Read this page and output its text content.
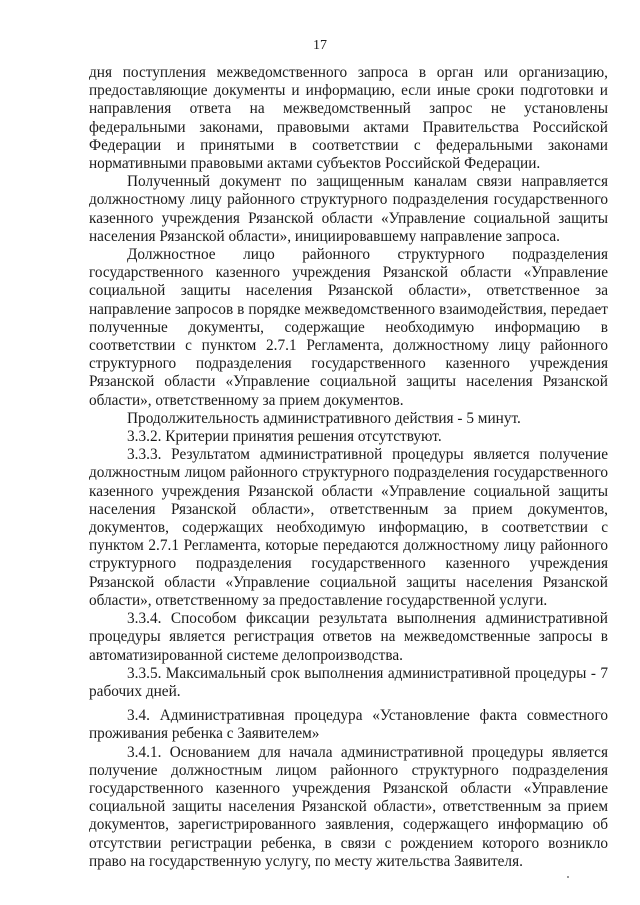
17

дня поступления межведомственного запроса в орган или организацию, предоставляющие документы и информацию, если иные сроки подготовки и направления ответа на межведомственный запрос не установлены федеральными законами, правовыми актами Правительства Российской Федерации и принятыми в соответствии с федеральными законами нормативными правовыми актами субъектов Российской Федерации.

Полученный документ по защищенным каналам связи направляется должностному лицу районного структурного подразделения государственного казенного учреждения Рязанской области «Управление социальной защиты населения Рязанской области», инициировавшему направление запроса.

Должностное лицо районного структурного подразделения государственного казенного учреждения Рязанской области «Управление социальной защиты населения Рязанской области», ответственное за направление запросов в порядке межведомственного взаимодействия, передает полученные документы, содержащие необходимую информацию в соответствии с пунктом 2.7.1 Регламента, должностному лицу районного структурного подразделения государственного казенного учреждения Рязанской области «Управление социальной защиты населения Рязанской области», ответственному за прием документов.

Продолжительность административного действия - 5 минут.

3.3.2. Критерии принятия решения отсутствуют.

3.3.3. Результатом административной процедуры является получение должностным лицом районного структурного подразделения государственного казенного учреждения Рязанской области «Управление социальной защиты населения Рязанской области», ответственным за прием документов, документов, содержащих необходимую информацию, в соответствии с пунктом 2.7.1 Регламента, которые передаются должностному лицу районного структурного подразделения государственного казенного учреждения Рязанской области «Управление социальной защиты населения Рязанской области», ответственному за предоставление государственной услуги.

3.3.4. Способом фиксации результата выполнения административной процедуры является регистрация ответов на межведомственные запросы в автоматизированной системе делопроизводства.

3.3.5. Максимальный срок выполнения административной процедуры - 7 рабочих дней.

3.4. Административная процедура «Установление факта совместного проживания ребенка с Заявителем»

3.4.1. Основанием для начала административной процедуры является получение должностным лицом районного структурного подразделения государственного казенного учреждения Рязанской области «Управление социальной защиты населения Рязанской области», ответственным за прием документов, зарегистрированного заявления, содержащего информацию об отсутствии регистрации ребенка, в связи с рождением которого возникло право на государственную услугу, по месту жительства Заявителя.
